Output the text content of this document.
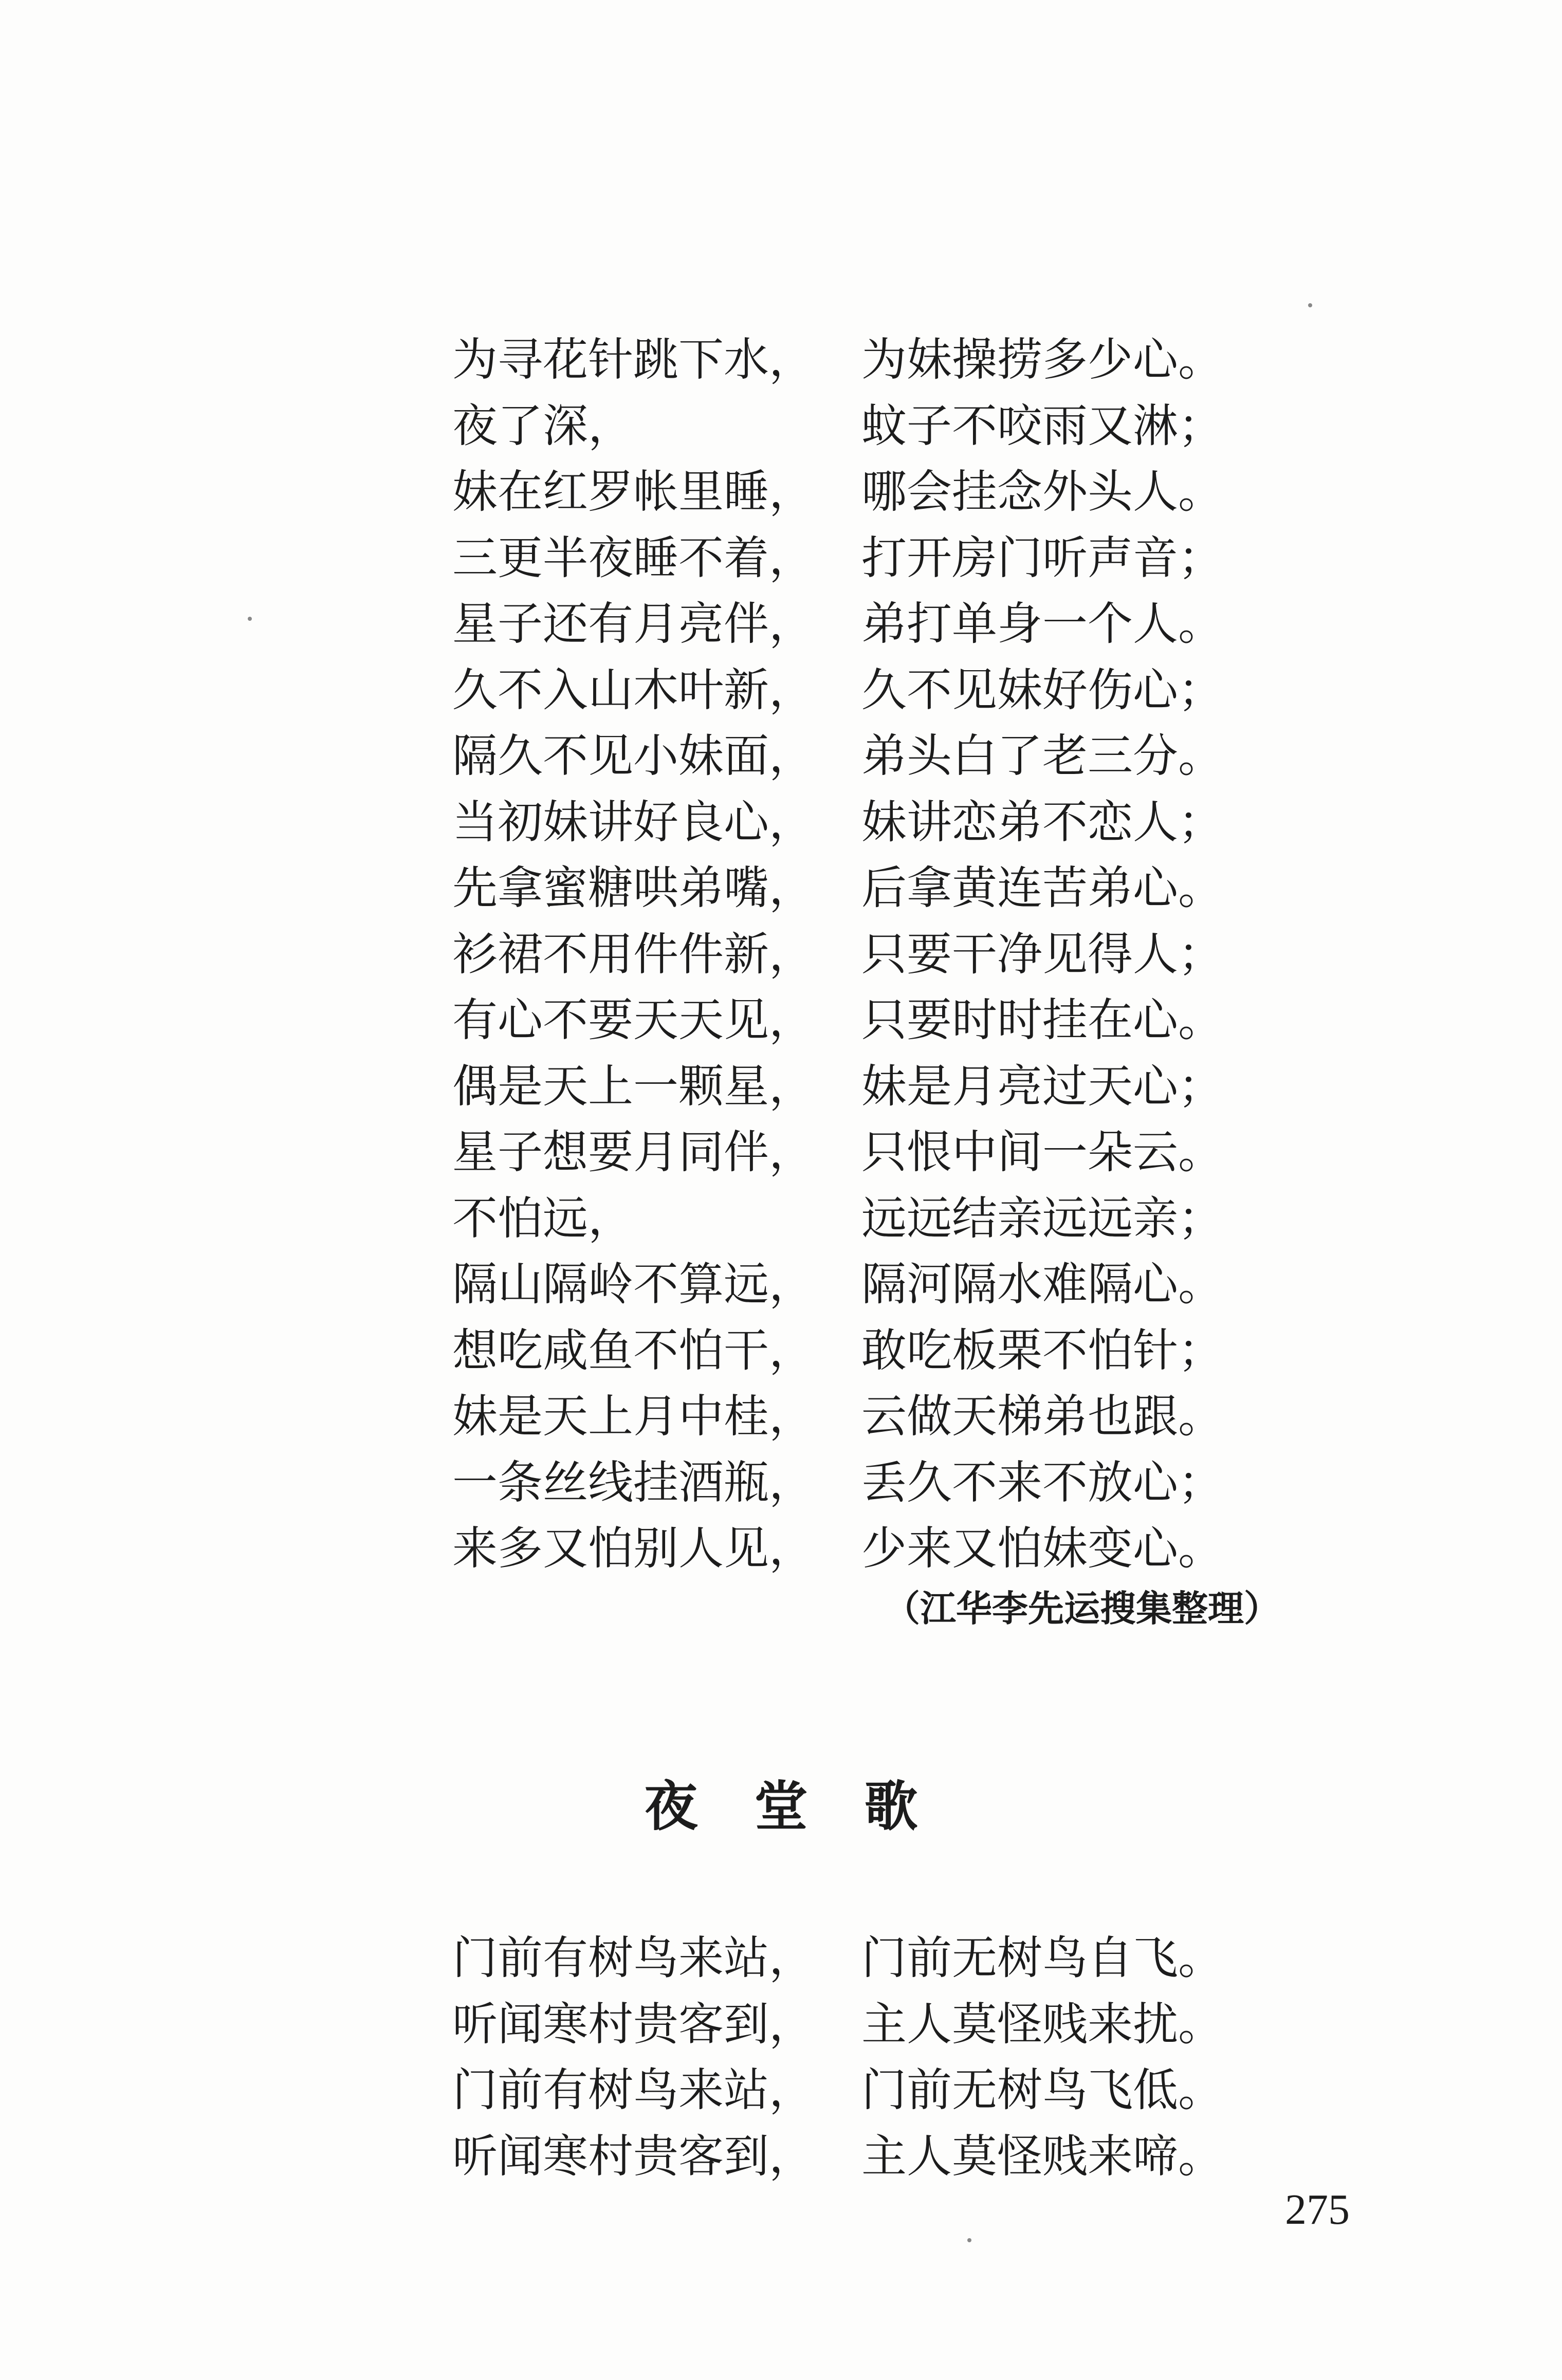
为寻花针跳下水，
夜了深，
妹在红罗帐里睡，
三更半夜睡不着，
星子还有月亮伴，
久不入山木叶新，
隔久不见小妹面，
当初妹讲好良心，
先拿蜜糖哄弟嘴，
衫裙不用件件新，
有心不要天天见，
偶是天上一颗星，
星子想要月同伴，
不怕远，
隔山隔岭不算远，
想吃咸鱼不怕干，
妹是天上月中桂，
一条丝线挂酒瓶，
来多又怕别人见，
为妹操捞多少心。
蚊子不咬雨又淋；
哪会挂念外头人。
打开房门听声音；
弟打单身一个人。
久不见妹好伤心；
弟头白了老三分。
妹讲恋弟不恋人；
后拿黄连苦弟心。
只要干净见得人；
只要时时挂在心。
妹是月亮过天心；
只恨中间一朵云。
远远结亲远远亲；
隔河隔水难隔心。
敢吃板栗不怕针；
云做天梯弟也跟。
丢久不来不放心；
少来又怕妹变心。
（江华李先运搜集整理）
夜堂歌
门前有树鸟来站，
听闻寒村贵客到，
门前有树鸟来站，
听闻寒村贵客到，
门前无树鸟自飞。
主人莫怪贱来扰。
门前无树鸟飞低。
主人莫怪贱来啼。
275
